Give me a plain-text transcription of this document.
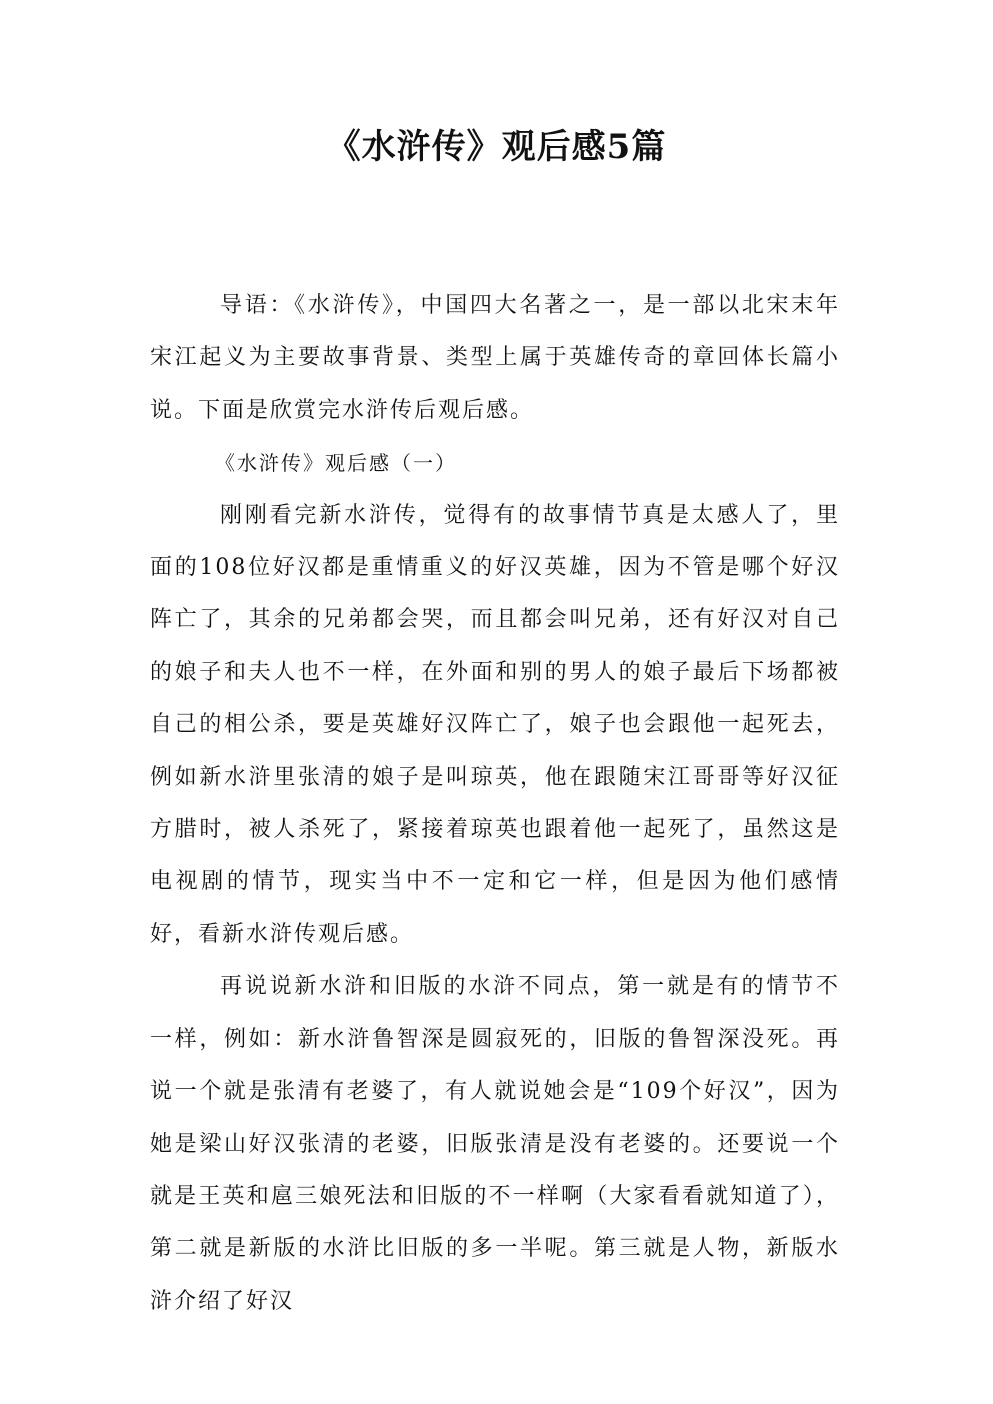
《水浒传》观后感5篇

导语：《水浒传》，中国四大名著之一，是一部以北宋末年宋江起义为主要故事背景、类型上属于英雄传奇的章回体长篇小说。下面是欣赏完水浒传后观后感。

《水浒传》观后感（一）

刚刚看完新水浒传，觉得有的故事情节真是太感人了，里面的108位好汉都是重情重义的好汉英雄，因为不管是哪个好汉阵亡了，其余的兄弟都会哭，而且都会叫兄弟，还有好汉对自己的娘子和夫人也不一样，在外面和别的男人的娘子最后下场都被自己的相公杀，要是英雄好汉阵亡了，娘子也会跟他一起死去，例如新水浒里张清的娘子是叫琼英，他在跟随宋江哥哥等好汉征方腊时，被人杀死了，紧接着琼英也跟着他一起死了，虽然这是电视剧的情节，现实当中不一定和它一样，但是因为他们感情好，看新水浒传观后感。

再说说新水浒和旧版的水浒不同点，第一就是有的情节不一样，例如：新水浒鲁智深是圆寂死的，旧版的鲁智深没死。再说一个就是张清有老婆了，有人就说她会是“109个好汉”，因为她是梁山好汉张清的老婆，旧版张清是没有老婆的。还要说一个就是王英和扈三娘死法和旧版的不一样啊（大家看看就知道了），第二就是新版的水浒比旧版的多一半呢。第三就是人物，新版水浒介绍了好汉
